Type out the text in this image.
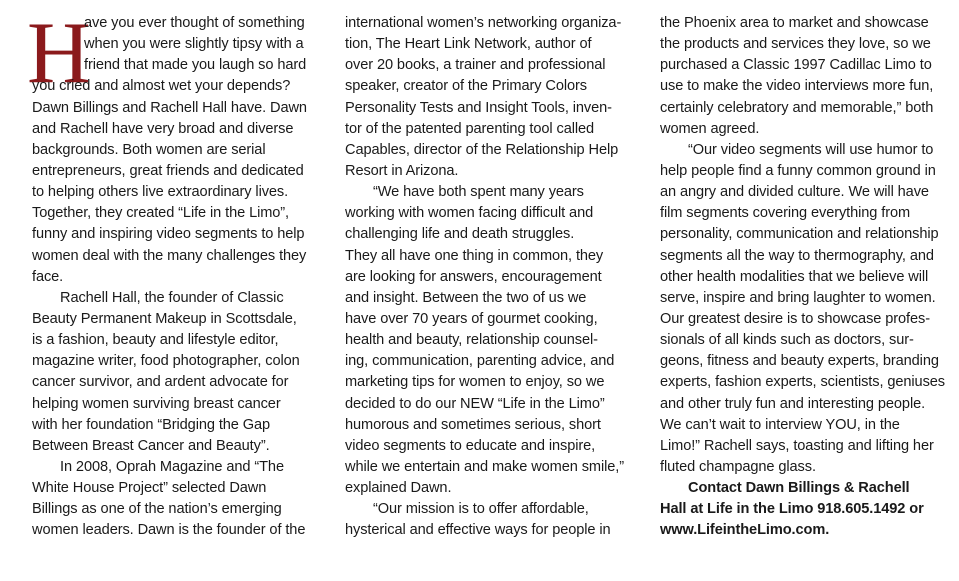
H
ave you ever thought of something
when you were slightly tipsy with a
friend that made you laugh so hard
you cried and almost wet your depends?
Dawn Billings and Rachell Hall have. Dawn
and Rachell have very broad and diverse
backgrounds. Both women are serial
entrepreneurs, great friends and dedicated
to helping others live extraordinary lives.
Together, they created “Life in the Limo”,
funny and inspiring video segments to help
women deal with the many challenges they
face.
Rachell Hall, the founder of Classic
Beauty Permanent Makeup in Scottsdale,
is a fashion, beauty and lifestyle editor,
magazine writer, food photographer, colon
cancer survivor, and ardent advocate for
helping women surviving breast cancer
with her foundation “Bridging the Gap
Between Breast Cancer and Beauty”.
In 2008, Oprah Magazine and “The
White House Project” selected Dawn
Billings as one of the nation’s emerging
women leaders. Dawn is the founder of the
international women’s networking organiza-
tion, The Heart Link Network, author of
over 20 books, a trainer and professional
speaker, creator of the Primary Colors
Personality Tests and Insight Tools, inven-
tor of the patented parenting tool called
Capables, director of the Relationship Help
Resort in Arizona.
“We have both spent many years
working with women facing difficult and
challenging life and death struggles.
They all have one thing in common, they
are looking for answers, encouragement
and insight. Between the two of us we
have over 70 years of gourmet cooking,
health and beauty, relationship counsel-
ing, communication, parenting advice, and
marketing tips for women to enjoy, so we
decided to do our NEW “Life in the Limo”
humorous and sometimes serious, short
video segments to educate and inspire,
while we entertain and make women smile,”
explained Dawn.
“Our mission is to offer affordable,
hysterical and effective ways for people in
the Phoenix area to market and showcase
the products and services they love, so we
purchased a Classic 1997 Cadillac Limo to
use to make the video interviews more fun,
certainly celebratory and memorable,” both
women agreed.
“Our video segments will use humor to
help people find a funny common ground in
an angry and divided culture. We will have
film segments covering everything from
personality, communication and relationship
segments all the way to thermography, and
other health modalities that we believe will
serve, inspire and bring laughter to women.
Our greatest desire is to showcase profes-
sionals of all kinds such as doctors, sur-
geons, fitness and beauty experts, branding
experts, fashion experts, scientists, geniuses
and other truly fun and interesting people.
We can’t wait to interview YOU, in the
Limo!” Rachell says, toasting and lifting her
fluted champagne glass.
Contact Dawn Billings & Rachell
Hall at Life in the Limo 918.605.1492 or
www.LifeintheLimo.com.
